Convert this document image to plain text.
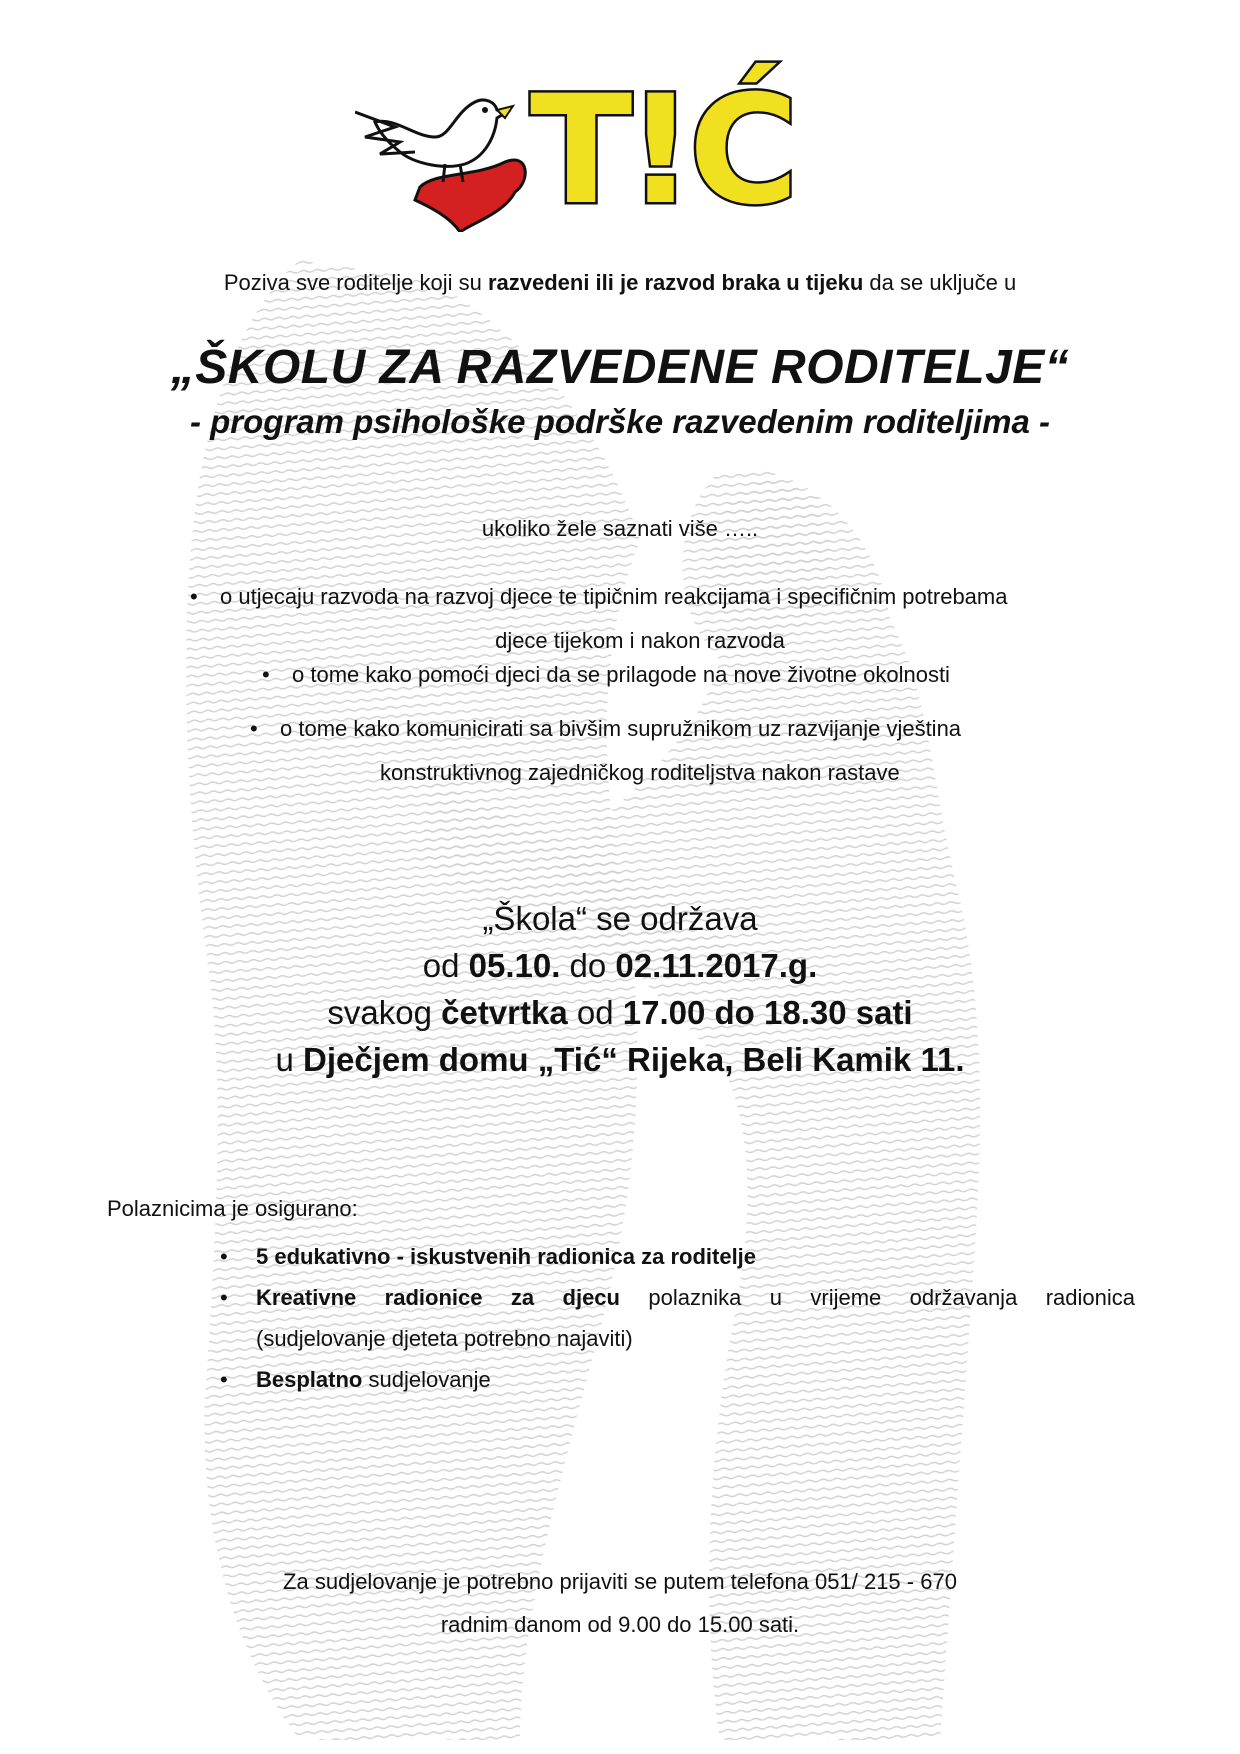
T!Ć
Poziva sve roditelje koji su razvedeni ili je razvod braka u tijeku da se uključe u
„ŠKOLU ZA RAZVEDENE RODITELJE“
- program psihološke podrške razvedenim roditeljima -
ukoliko žele saznati više …..
• o utjecaju razvoda na razvoj djece te tipičnim reakcijama i specifičnim potrebama
djece tijekom i nakon razvoda
• o tome kako pomoći djeci da se prilagode na nove životne okolnosti
• o tome kako komunicirati sa bivšim supružnikom uz razvijanje vještina
konstruktivnog zajedničkog roditeljstva nakon rastave
„Škola“ se održava
od 05.10. do 02.11.2017.g.
svakog četvrtka od 17.00 do 18.30 sati
u Dječjem domu „Tić“ Rijeka, Beli Kamik 11.
Polaznicima je osigurano:
•	5 edukativno - iskustvenih radionica za roditelje
•	Kreativne radionice za djecu polaznika u vrijeme održavanja radionica
(sudjelovanje djeteta potrebno najaviti)
•	Besplatno sudjelovanje
Za sudjelovanje je potrebno prijaviti se putem telefona 051/ 215 - 670
radnim danom od 9.00 do 15.00 sati.
